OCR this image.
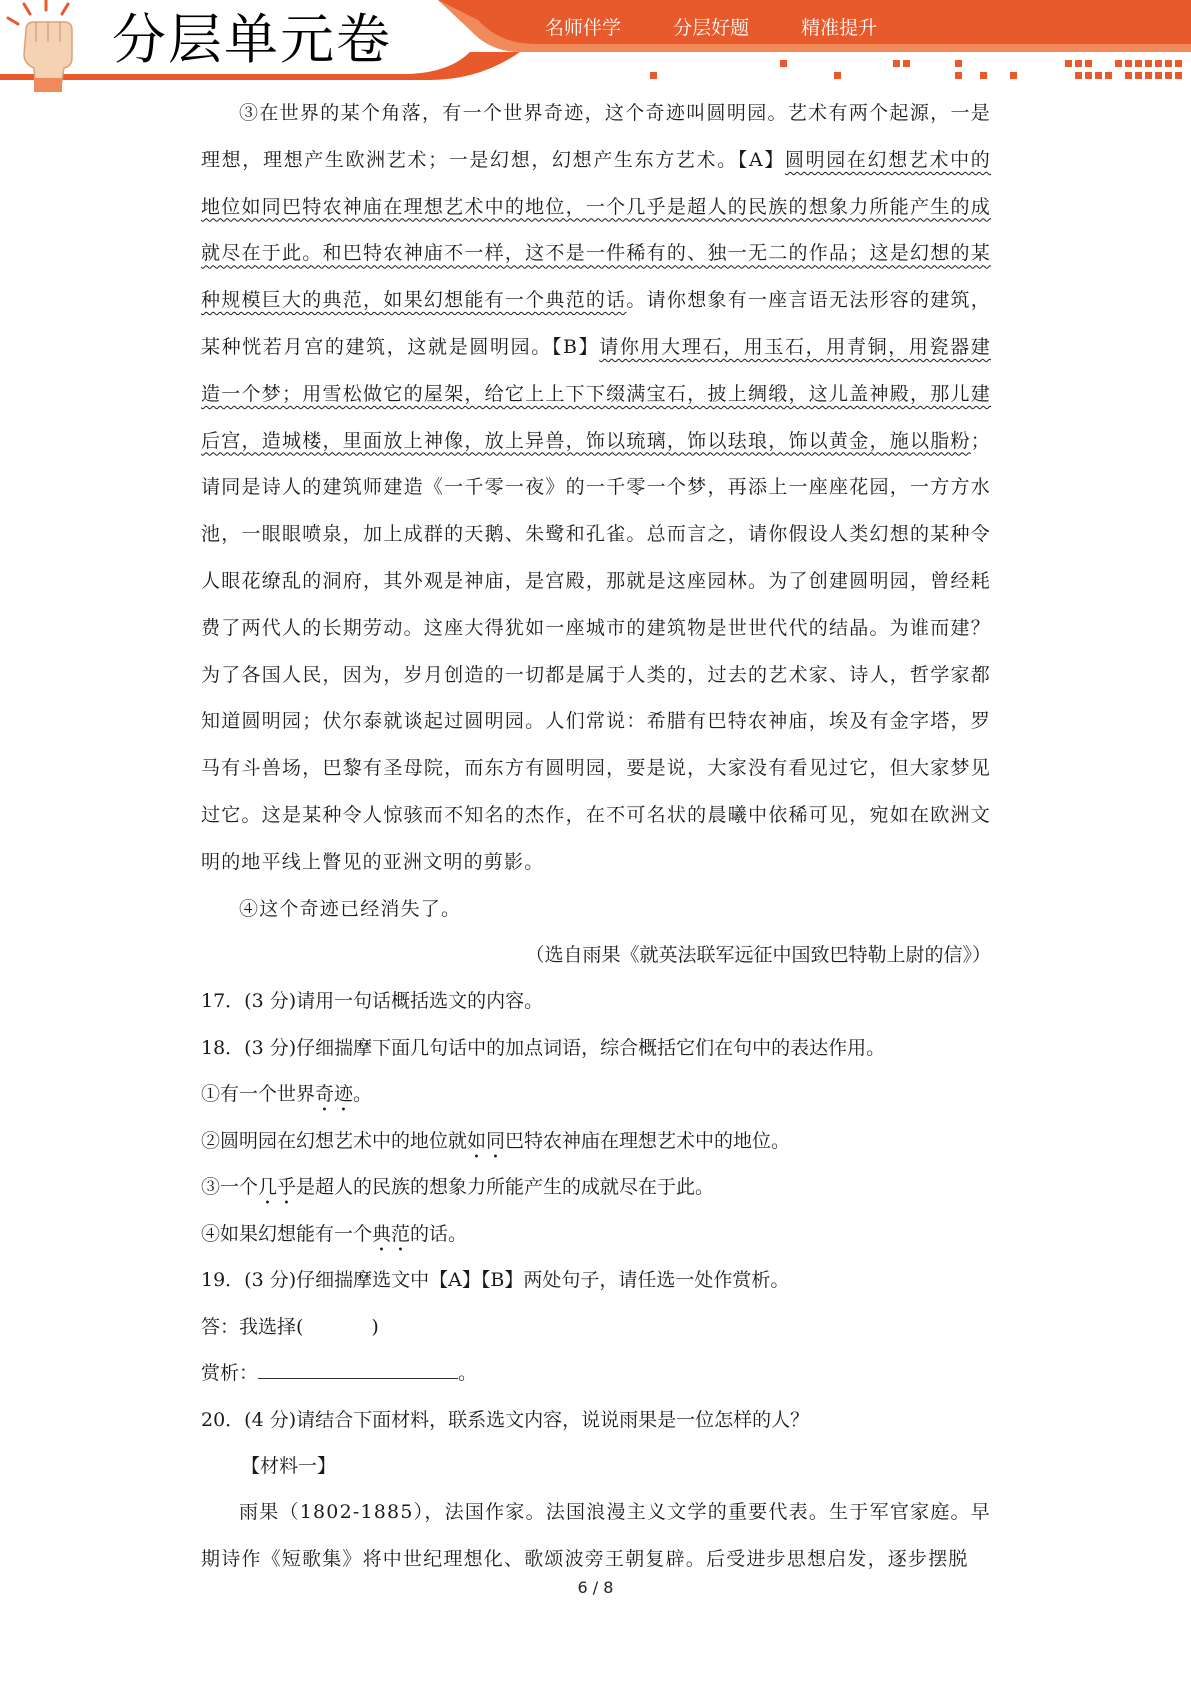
分层单元卷	名师伴学  分层好题  精准提升

③在世界的某个角落，有一个世界奇迹，这个奇迹叫圆明园。艺术有两个起源，一是理想，理想产生欧洲艺术；一是幻想，幻想产生东方艺术。【A】圆明园在幻想艺术中的地位如同巴特农神庙在理想艺术中的地位，一个几乎是超人的民族的想象力所能产生的成就尽在于此。和巴特农神庙不一样，这不是一件稀有的、独一无二的作品；这是幻想的某种规模巨大的典范，如果幻想能有一个典范的话。请你想象有一座言语无法形容的建筑，某种恍若月宫的建筑，这就是圆明园。【B】请你用大理石，用玉石，用青铜，用瓷器建造一个梦；用雪松做它的屋架，给它上上下下缀满宝石，披上绸缎，这儿盖神殿，那儿建后宫，造城楼，里面放上神像，放上异兽，饰以琉璃，饰以珐琅，饰以黄金，施以脂粉；请同是诗人的建筑师建造《一千零一夜》的一千零一个梦，再添上一座座花园，一方方水池，一眼眼喷泉，加上成群的天鹅、朱鹭和孔雀。总而言之，请你假设人类幻想的某种令人眼花缭乱的洞府，其外观是神庙，是宫殿，那就是这座园林。为了创建圆明园，曾经耗费了两代人的长期劳动。这座大得犹如一座城市的建筑物是世世代代的结晶。为谁而建？为了各国人民，因为，岁月创造的一切都是属于人类的，过去的艺术家、诗人，哲学家都知道圆明园；伏尔泰就谈起过圆明园。人们常说：希腊有巴特农神庙，埃及有金字塔，罗马有斗兽场，巴黎有圣母院，而东方有圆明园，要是说，大家没有看见过它，但大家梦见过它。这是某种令人惊骇而不知名的杰作，在不可名状的晨曦中依稀可见，宛如在欧洲文明的地平线上瞥见的亚洲文明的剪影。

④这个奇迹已经消失了。

（选自雨果《就英法联军远征中国致巴特勒上尉的信》）

17．(3 分)请用一句话概括选文的内容。

18．(3 分)仔细揣摩下面几句话中的加点词语，综合概括它们在句中的表达作用。

①有一个世界奇迹。

②圆明园在幻想艺术中的地位就如同巴特农神庙在理想艺术中的地位。

③一个几乎是超人的民族的想象力所能产生的成就尽在于此。

④如果幻想能有一个典范的话。

19．(3 分)仔细揣摩选文中【A】【B】两处句子，请任选一处作赏析。

答：我选择(	)

赏析：	。

20．(4 分)请结合下面材料，联系选文内容，说说雨果是一位怎样的人？

【材料一】

雨果（1802-1885），法国作家。法国浪漫主义文学的重要代表。生于军官家庭。早期诗作《短歌集》将中世纪理想化、歌颂波旁王朝复辟。后受进步思想启发，逐步摆脱

6 / 8
